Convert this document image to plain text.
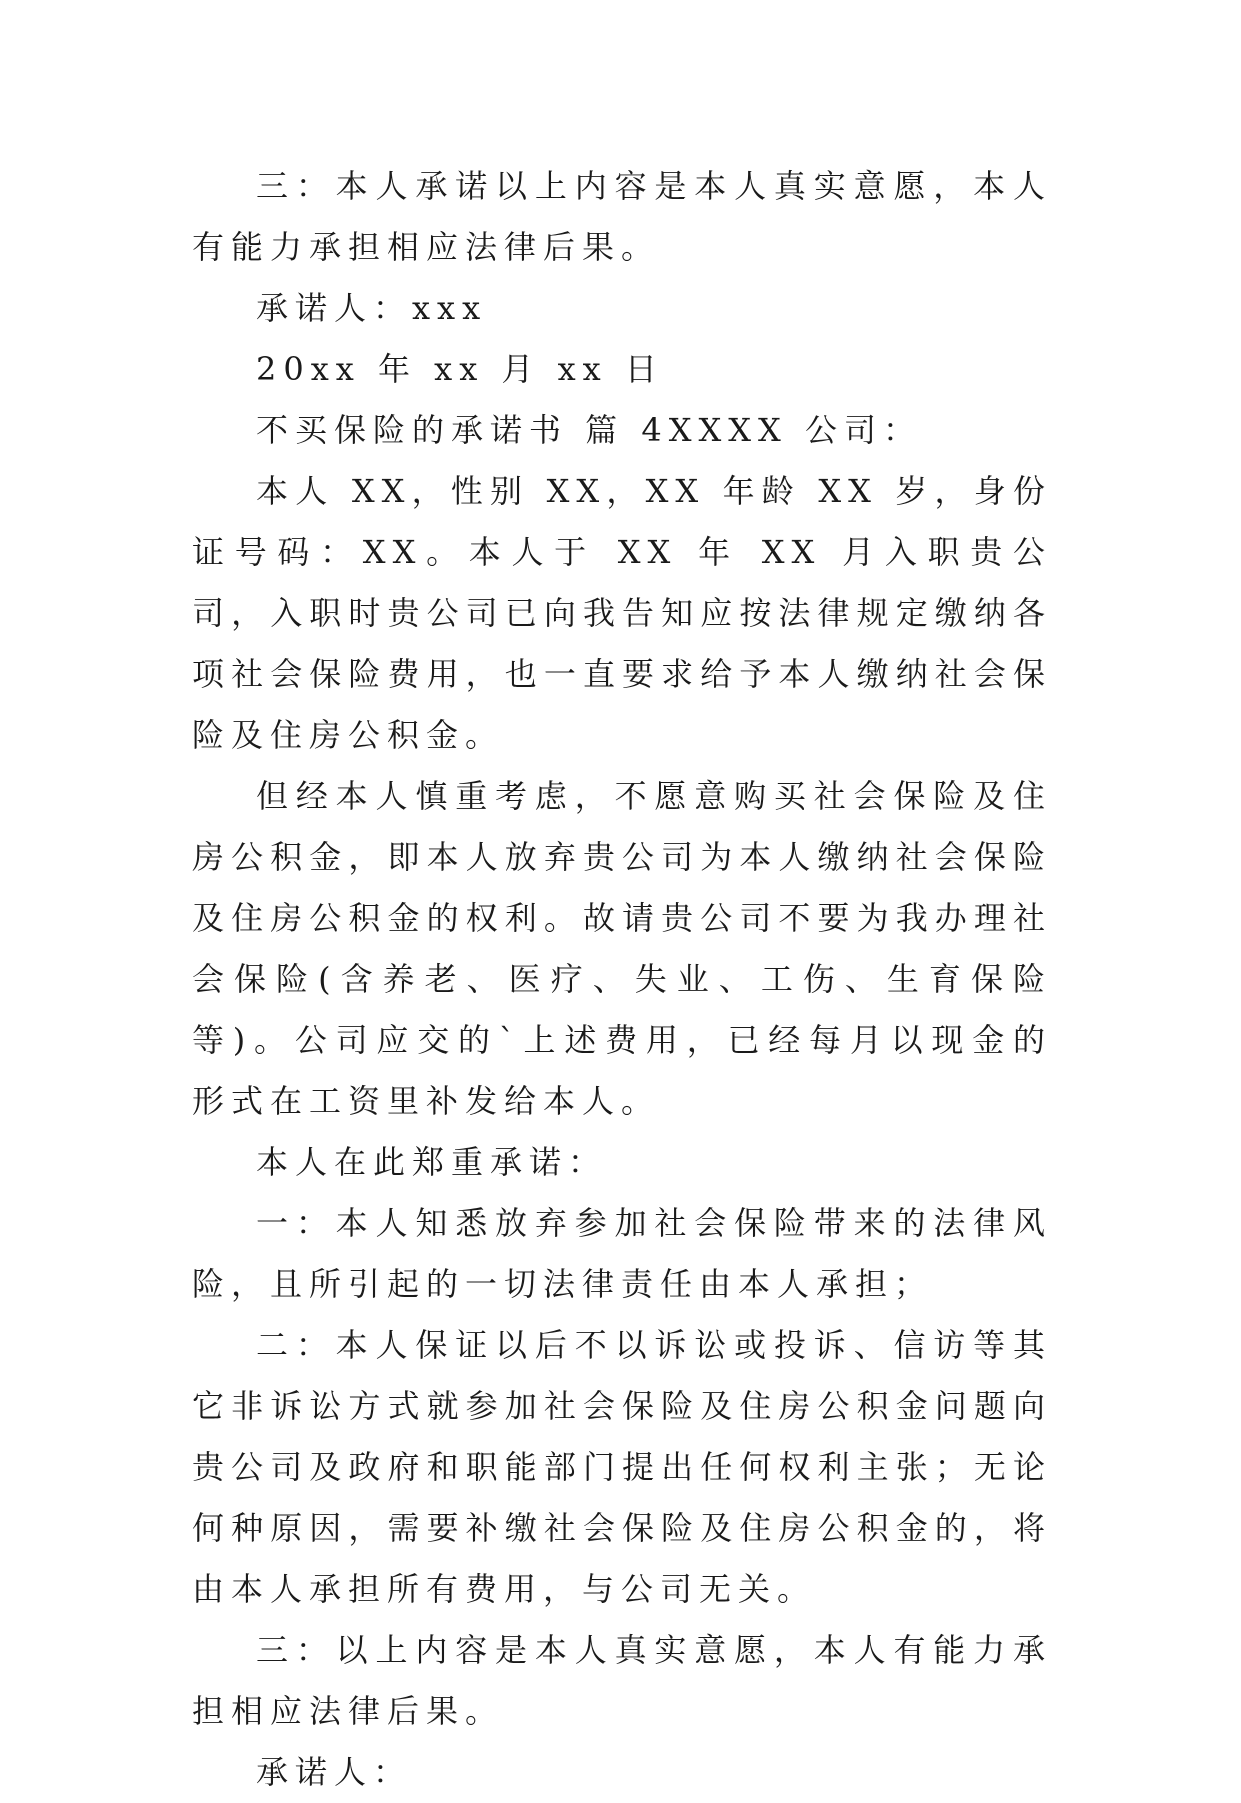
三：本人承诺以上内容是本人真实意愿，本人有能力承担相应法律后果。

承诺人：xxx

20xx 年 xx 月 xx 日

不买保险的承诺书 篇 4XXXX 公司：

本人 XX，性别 XX，XX 年龄 XX 岁，身份证号码：XX。本人于 XX 年 XX 月入职贵公司，入职时贵公司已向我告知应按法律规定缴纳各项社会保险费用，也一直要求给予本人缴纳社会保险及住房公积金。

但经本人慎重考虑，不愿意购买社会保险及住房公积金，即本人放弃贵公司为本人缴纳社会保险及住房公积金的权利。故请贵公司不要为我办理社会保险(含养老、医疗、失业、工伤、生育保险等)。公司应交的`上述费用，已经每月以现金的形式在工资里补发给本人。

本人在此郑重承诺：

一：本人知悉放弃参加社会保险带来的法律风险，且所引起的一切法律责任由本人承担；

二：本人保证以后不以诉讼或投诉、信访等其它非诉讼方式就参加社会保险及住房公积金问题向贵公司及政府和职能部门提出任何权利主张；无论何种原因，需要补缴社会保险及住房公积金的，将由本人承担所有费用，与公司无关。

三：以上内容是本人真实意愿，本人有能力承担相应法律后果。

承诺人：
